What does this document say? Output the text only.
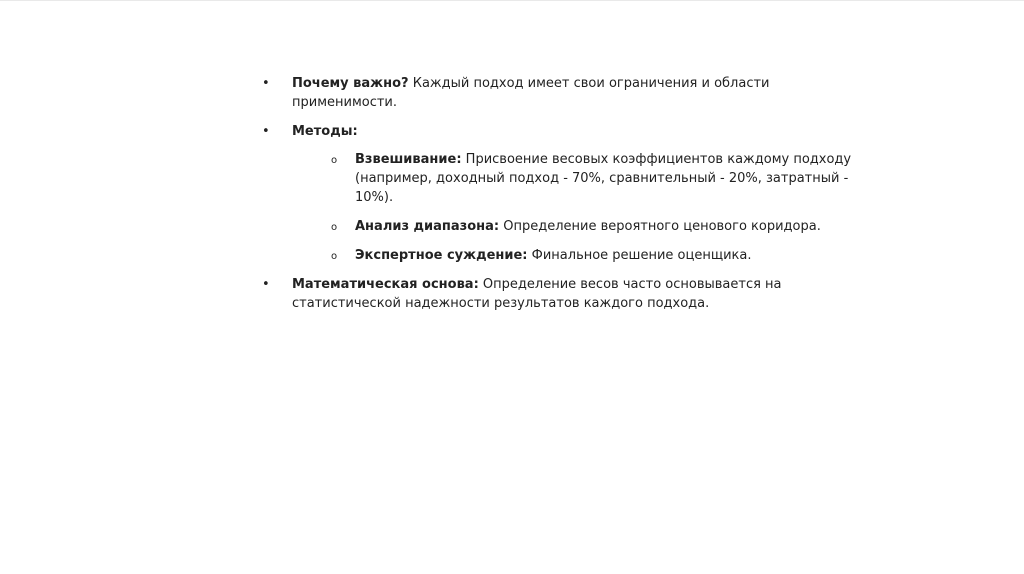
• Почему важно? Каждый подход имеет свои ограничения и области применимости.
• Методы:
o Взвешивание: Присвоение весовых коэффициентов каждому подходу (например, доходный подход - 70%, сравнительный - 20%, затратный - 10%).
o Анализ диапазона: Определение вероятного ценового коридора.
o Экспертное суждение: Финальное решение оценщика.
• Математическая основа: Определение весов часто основывается на статистической надежности результатов каждого подхода.
